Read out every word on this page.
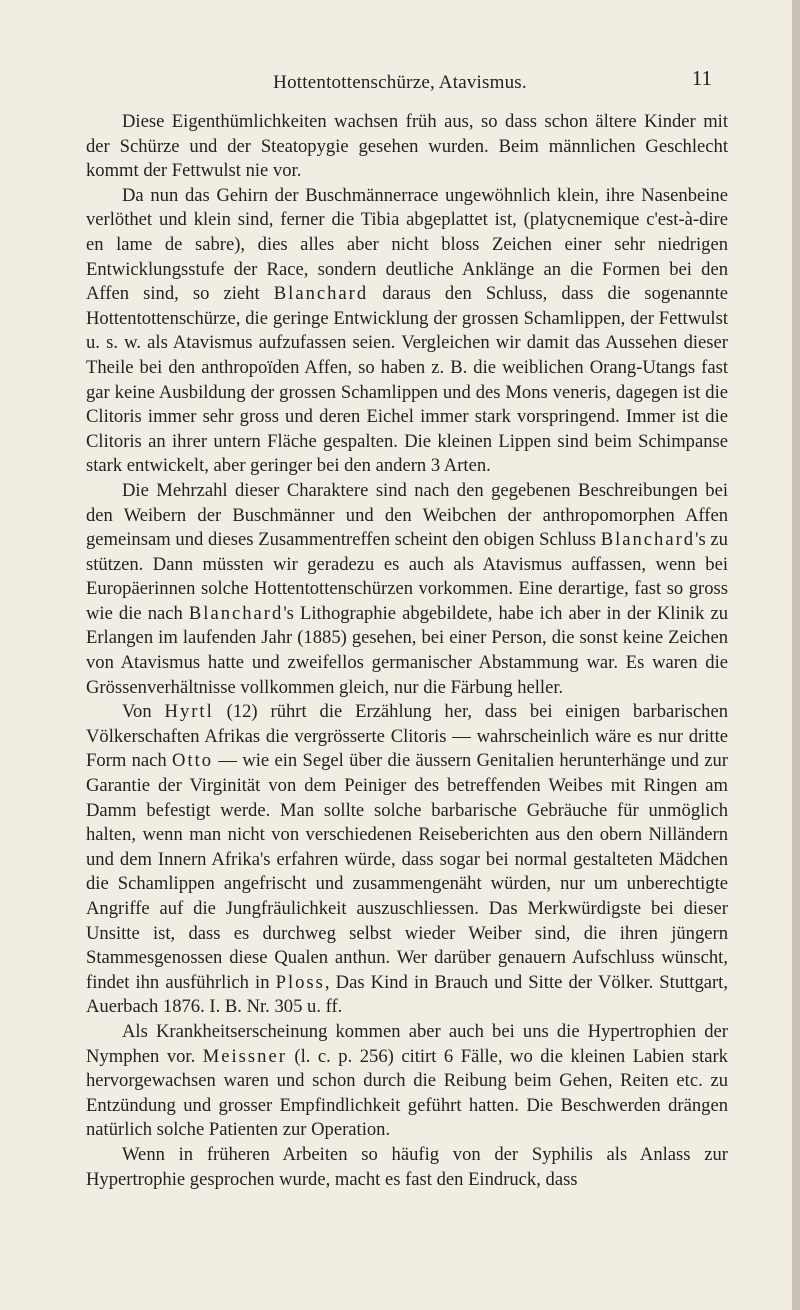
Hottentottenschürze, Atavismus.	11

Diese Eigenthümlichkeiten wachsen früh aus, so dass schon ältere Kinder mit der Schürze und der Steatopygie gesehen wurden. Beim männlichen Geschlecht kommt der Fettwulst nie vor.

Da nun das Gehirn der Buschmännerrace ungewöhnlich klein, ihre Nasenbeine verlöthet und klein sind, ferner die Tibia abgeplattet ist, (platycnemique c'est-à-dire en lame de sabre), dies alles aber nicht bloss Zeichen einer sehr niedrigen Entwicklungsstufe der Race, sondern deutliche Anklänge an die Formen bei den Affen sind, so zieht Blanchard daraus den Schluss, dass die sogenannte Hottentottenschürze, die geringe Entwicklung der grossen Schamlippen, der Fettwulst u. s. w. als Atavismus aufzufassen seien. Vergleichen wir damit das Aussehen dieser Theile bei den anthropoïden Affen, so haben z. B. die weiblichen Orang-Utangs fast gar keine Ausbildung der grossen Schamlippen und des Mons veneris, dagegen ist die Clitoris immer sehr gross und deren Eichel immer stark vorspringend. Immer ist die Clitoris an ihrer untern Fläche gespalten. Die kleinen Lippen sind beim Schimpanse stark entwickelt, aber geringer bei den andern 3 Arten.

Die Mehrzahl dieser Charaktere sind nach den gegebenen Beschreibungen bei den Weibern der Buschmänner und den Weibchen der anthropomorphen Affen gemeinsam und dieses Zusammentreffen scheint den obigen Schluss Blanchard's zu stützen. Dann müssten wir geradezu es auch als Atavismus auffassen, wenn bei Europäerinnen solche Hottentottenschürzen vorkommen. Eine derartige, fast so gross wie die nach Blanchard's Lithographie abgebildete, habe ich aber in der Klinik zu Erlangen im laufenden Jahr (1885) gesehen, bei einer Person, die sonst keine Zeichen von Atavismus hatte und zweifellos germanischer Abstammung war. Es waren die Grössenverhältnisse vollkommen gleich, nur die Färbung heller.

Von Hyrtl (12) rührt die Erzählung her, dass bei einigen barbarischen Völkerschaften Afrikas die vergrösserte Clitoris — wahrscheinlich wäre es nur dritte Form nach Otto — wie ein Segel über die äussern Genitalien herunterhänge und zur Garantie der Virginität von dem Peiniger des betreffenden Weibes mit Ringen am Damm befestigt werde. Man sollte solche barbarische Gebräuche für unmöglich halten, wenn man nicht von verschiedenen Reiseberichten aus den obern Nilländern und dem Innern Afrika's erfahren würde, dass sogar bei normal gestalteten Mädchen die Schamlippen angefrischt und zusammengenäht würden, nur um unberechtigte Angriffe auf die Jungfräulichkeit auszuschliessen. Das Merkwürdigste bei dieser Unsitte ist, dass es durchweg selbst wieder Weiber sind, die ihren jüngern Stammesgenossen diese Qualen anthun. Wer darüber genauern Aufschluss wünscht, findet ihn ausführlich in Ploss, Das Kind in Brauch und Sitte der Völker. Stuttgart, Auerbach 1876. I. B. Nr. 305 u. ff.

Als Krankheitserscheinung kommen aber auch bei uns die Hypertrophien der Nymphen vor. Meissner (l. c. p. 256) citirt 6 Fälle, wo die kleinen Labien stark hervorgewachsen waren und schon durch die Reibung beim Gehen, Reiten etc. zu Entzündung und grosser Empfindlichkeit geführt hatten. Die Beschwerden drängen natürlich solche Patienten zur Operation.

Wenn in früheren Arbeiten so häufig von der Syphilis als Anlass zur Hypertrophie gesprochen wurde, macht es fast den Eindruck, dass
